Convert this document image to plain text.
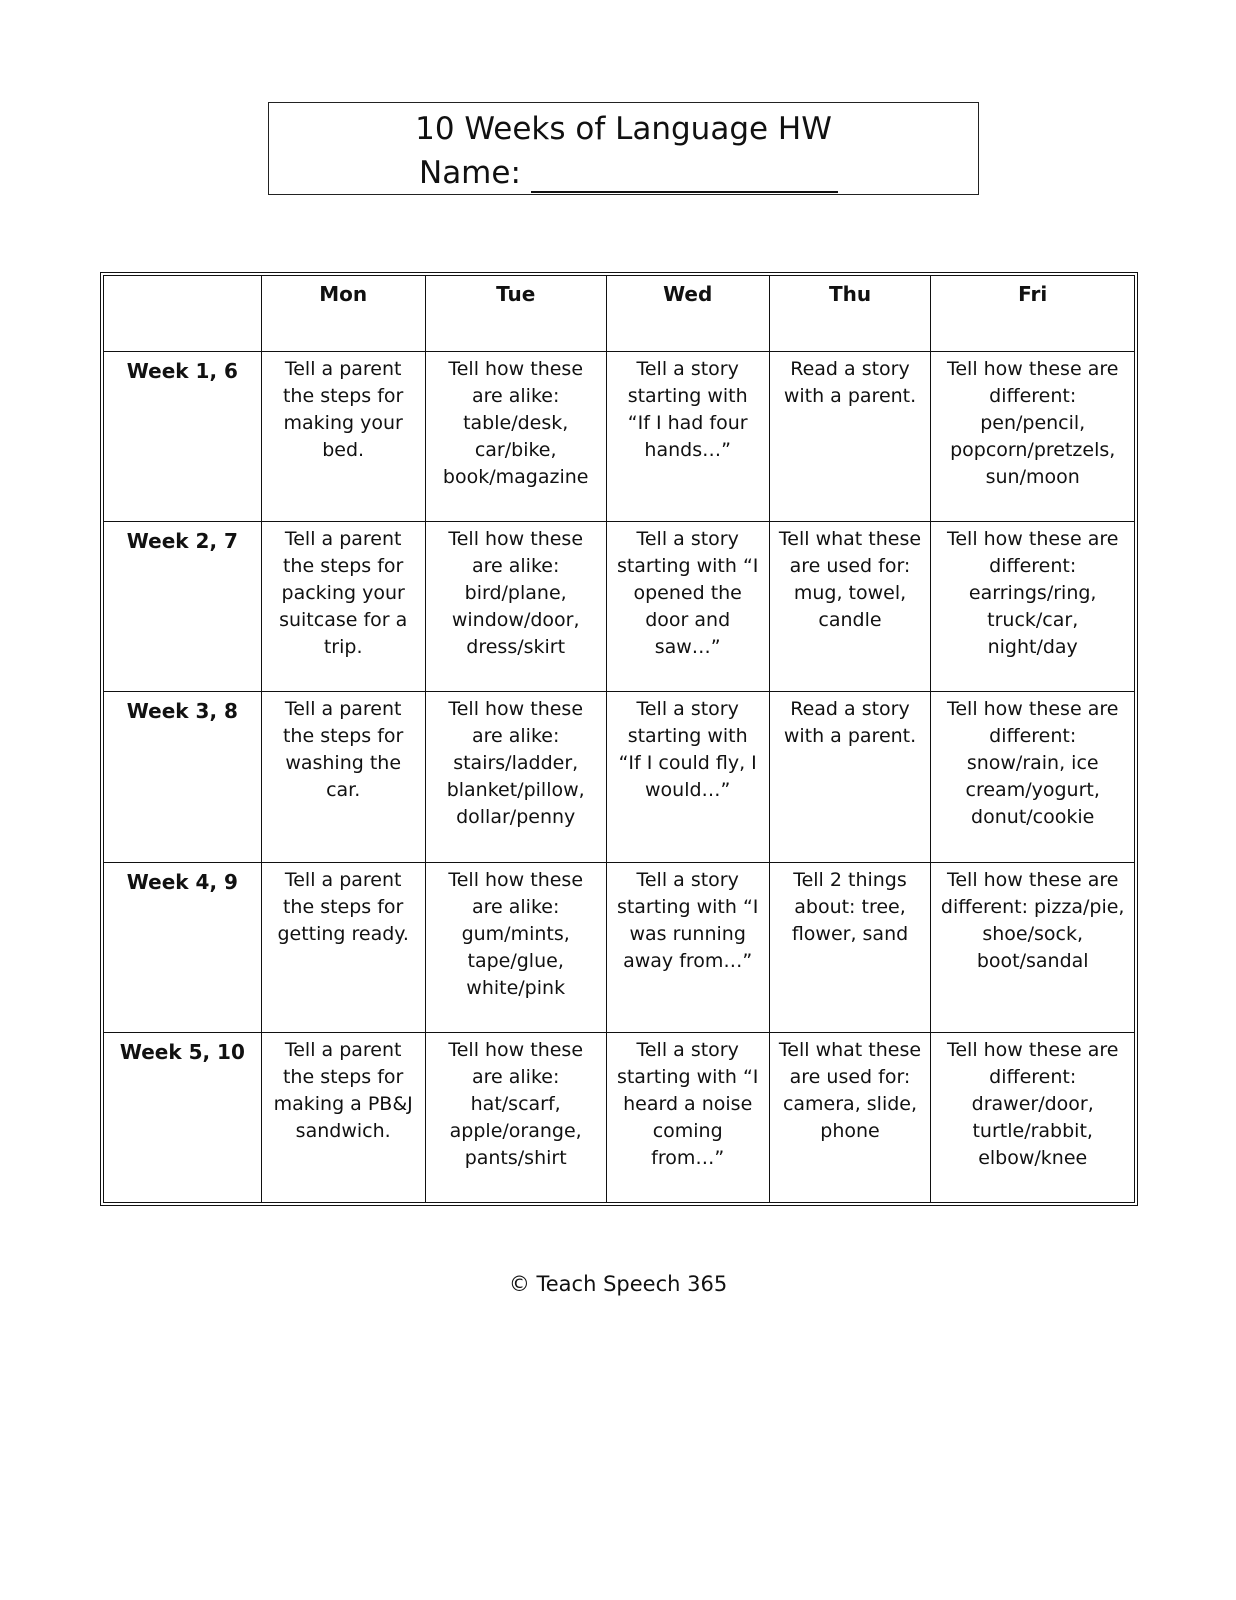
10 Weeks of Language HW
Name:
	Mon	Tue	Wed	Thu	Fri
Week 1, 6	Tell a parent the steps for making your bed.	Tell how these are alike: table/desk, car/bike, book/magazine	Tell a story starting with “If I had four hands…”	Read a story with a parent.	Tell how these are different: pen/pencil, popcorn/pretzels, sun/moon
Week 2, 7	Tell a parent the steps for packing your suitcase for a trip.	Tell how these are alike: bird/plane, window/door, dress/skirt	Tell a story starting with “I opened the door and saw…”	Tell what these are used for: mug, towel, candle	Tell how these are different: earrings/ring, truck/car, night/day
Week 3, 8	Tell a parent the steps for washing the car.	Tell how these are alike: stairs/ladder, blanket/pillow, dollar/penny	Tell a story starting with “If I could fly, I would…”	Read a story with a parent.	Tell how these are different: snow/rain, ice cream/yogurt, donut/cookie
Week 4, 9	Tell a parent the steps for getting ready.	Tell how these are alike: gum/mints, tape/glue, white/pink	Tell a story starting with “I was running away from…”	Tell 2 things about: tree, flower, sand	Tell how these are different: pizza/pie, shoe/sock, boot/sandal
Week 5, 10	Tell a parent the steps for making a PB&J sandwich.	Tell how these are alike: hat/scarf, apple/orange, pants/shirt	Tell a story starting with “I heard a noise coming from…”	Tell what these are used for: camera, slide, phone	Tell how these are different: drawer/door, turtle/rabbit, elbow/knee
© Teach Speech 365
